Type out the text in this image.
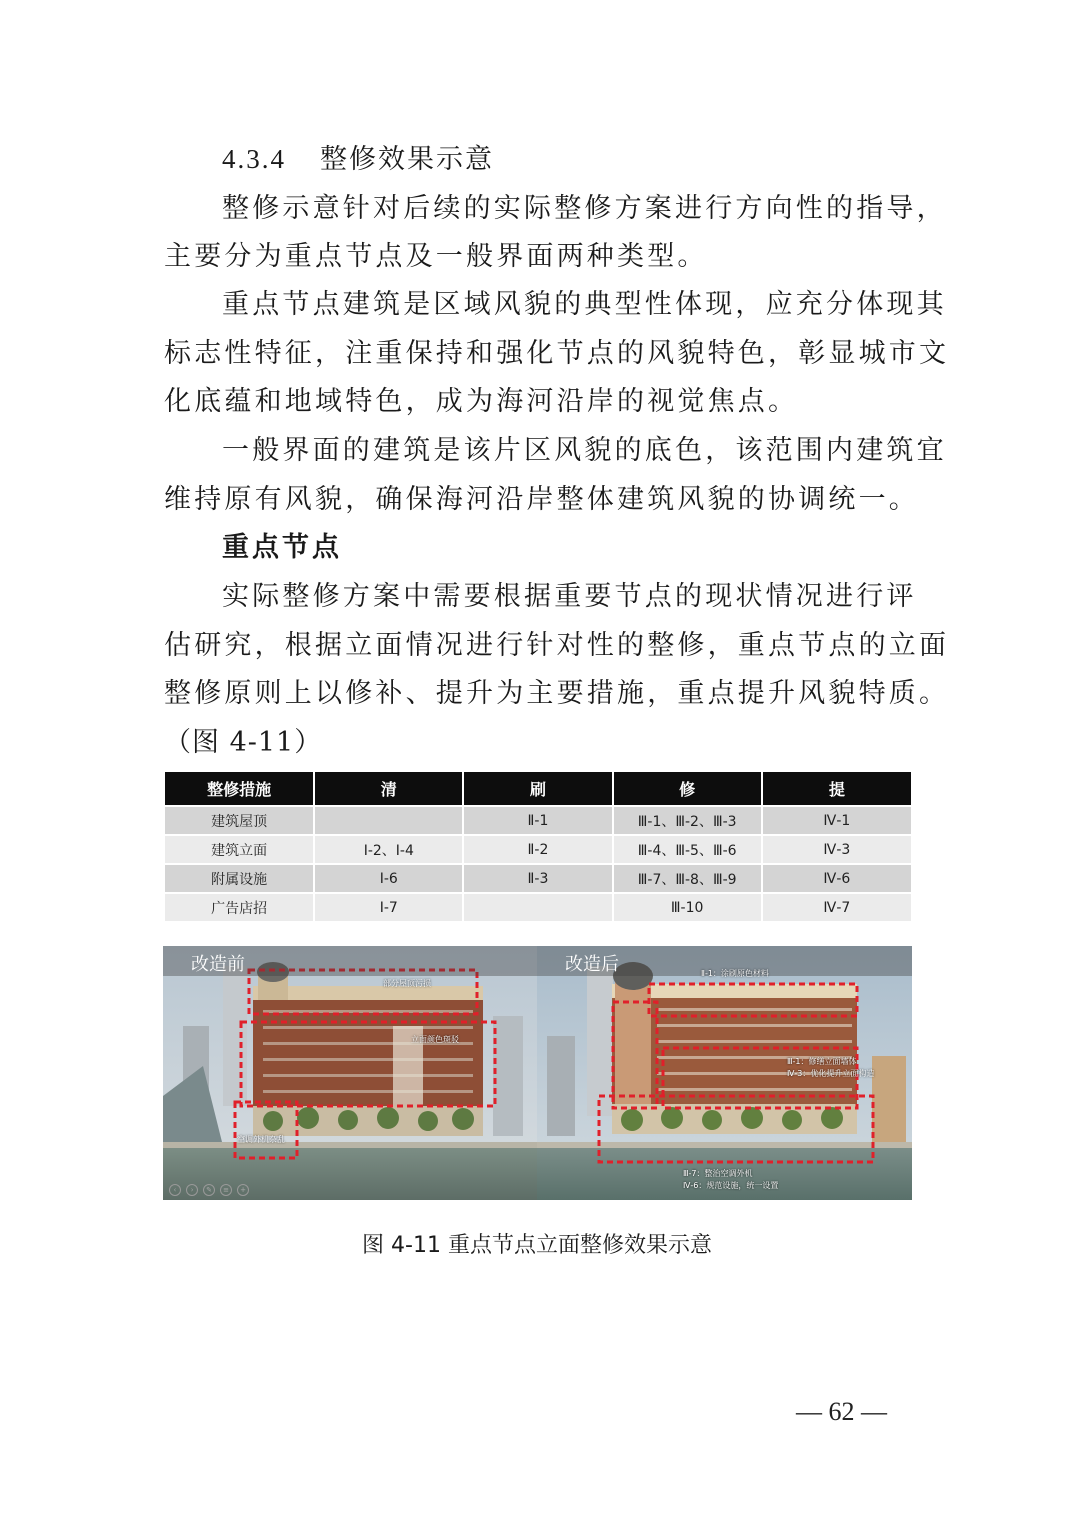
4.3.4 整修效果示意
整修示意针对后续的实际整修方案进行方向性的指导，
主要分为重点节点及一般界面两种类型。
重点节点建筑是区域风貌的典型性体现，应充分体现其
标志性特征，注重保持和强化节点的风貌特色，彰显城市文
化底蕴和地域特色，成为海河沿岸的视觉焦点。
一般界面的建筑是该片区风貌的底色，该范围内建筑宜
维持原有风貌，确保海河沿岸整体建筑风貌的协调统一。
重点节点
实际整修方案中需要根据重要节点的现状情况进行评
估研究，根据立面情况进行针对性的整修，重点节点的立面
整修原则上以修补、提升为主要措施，重点提升风貌特质。
（图 4-11）
整修措施	清	刷	修	提
建筑屋顶		Ⅱ-1	Ⅲ-1、Ⅲ-2、Ⅲ-3	Ⅳ-1
建筑立面	Ⅰ-2、Ⅰ-4	Ⅱ-2	Ⅲ-4、Ⅲ-5、Ⅲ-6	Ⅳ-3
附属设施	Ⅰ-6	Ⅱ-3	Ⅲ-7、Ⅲ-8、Ⅲ-9	Ⅳ-6
广告店招	Ⅰ-7		Ⅲ-10	Ⅳ-7
改造前
部分屋顶污损
立面颜色斑驳
空调外机杂乱
‹	›	✎	≡	+
改造后	Ⅱ-1：涂刷原色材料
Ⅲ-1：修缮立面墙体
Ⅳ-3：优化提升立面构造
Ⅲ-7：整治空调外机
Ⅳ-6：规范设施，统一设置
图 4-11 重点节点立面整修效果示意
— 62 —
